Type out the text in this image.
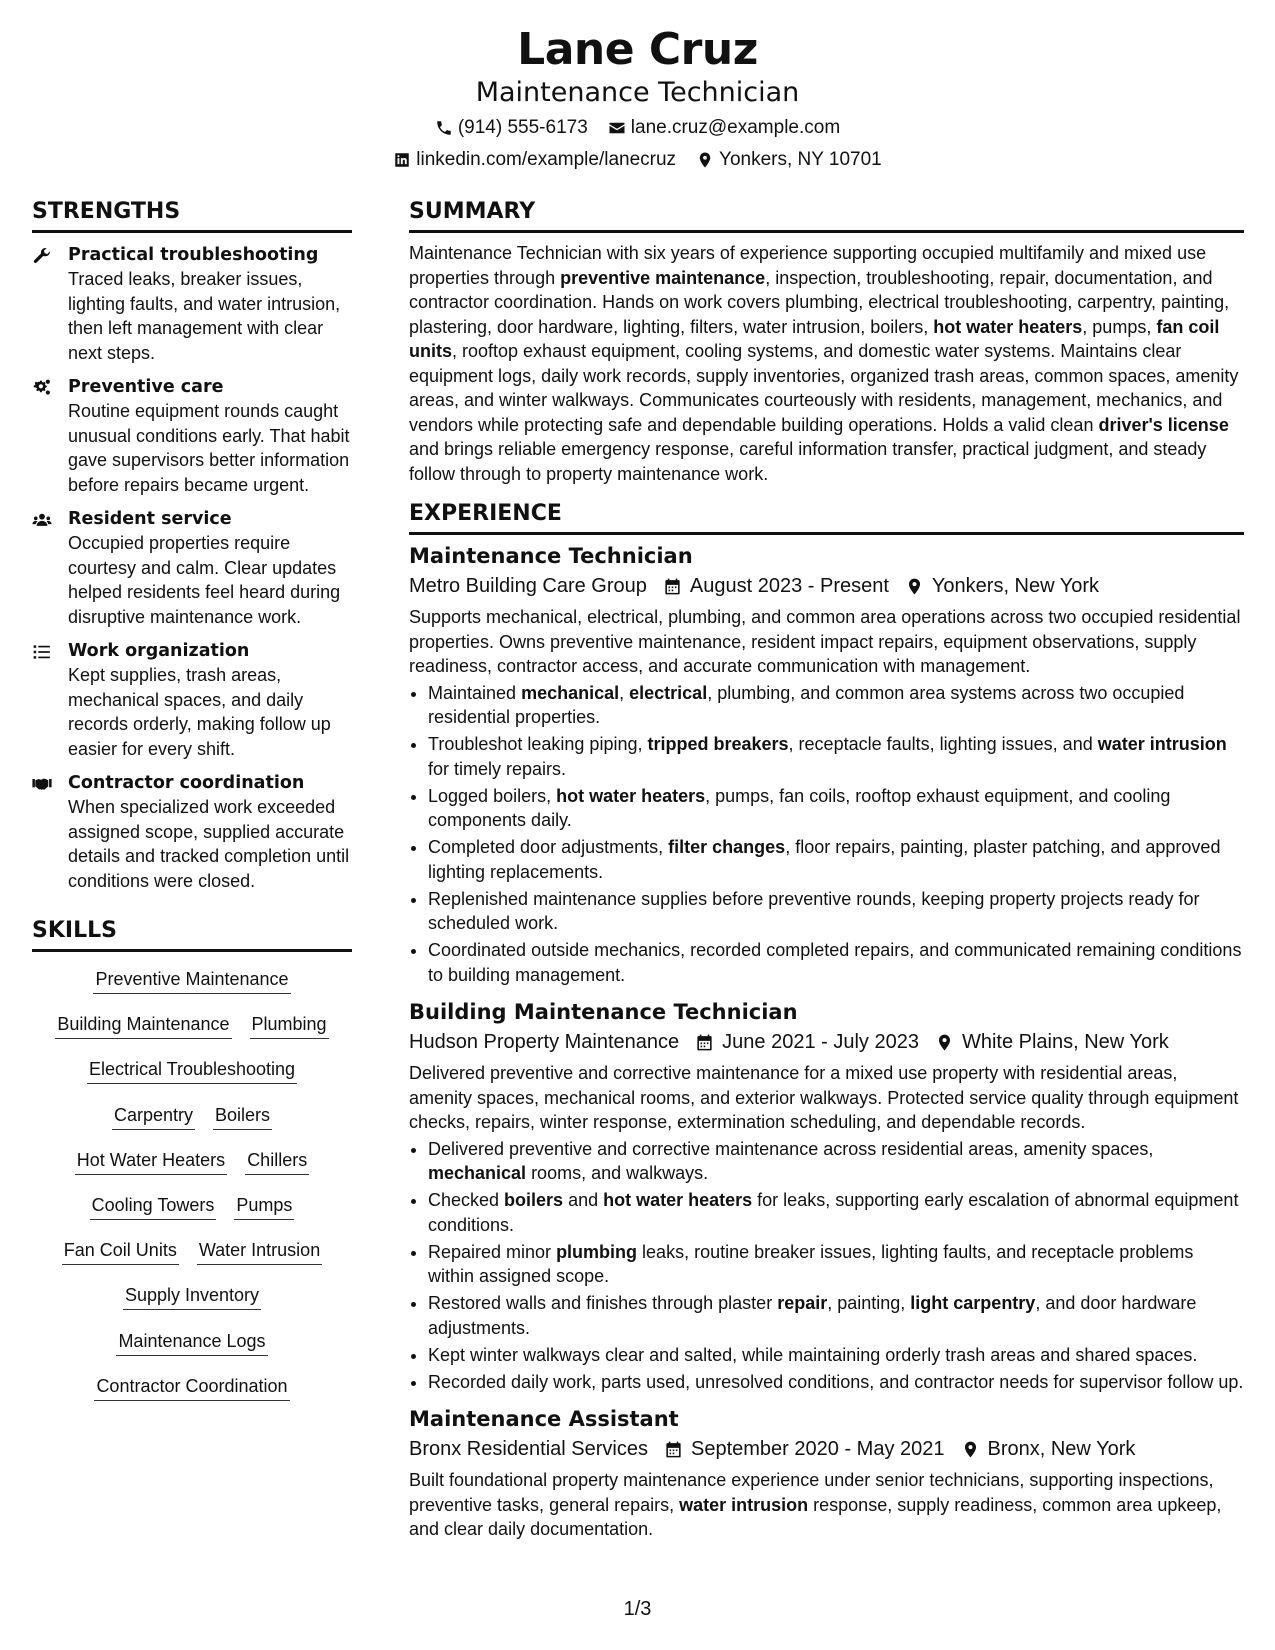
Lane Cruz
Maintenance Technician
(914) 555-6173 lane.cruz@example.com
linkedin.com/example/lanecruz Yonkers, NY 10701
STRENGTHS
Practical troubleshooting
Traced leaks, breaker issues, lighting faults, and water intrusion, then left management with clear next steps.
Preventive care
Routine equipment rounds caught unusual conditions early. That habit gave supervisors better information before repairs became urgent.
Resident service
Occupied properties require courtesy and calm. Clear updates helped residents feel heard during disruptive maintenance work.
Work organization
Kept supplies, trash areas, mechanical spaces, and daily records orderly, making follow up easier for every shift.
Contractor coordination
When specialized work exceeded assigned scope, supplied accurate details and tracked completion until conditions were closed.
SKILLS
Preventive Maintenance
Building Maintenance Plumbing
Electrical Troubleshooting
Carpentry Boilers
Hot Water Heaters Chillers
Cooling Towers Pumps
Fan Coil Units Water Intrusion
Supply Inventory
Maintenance Logs
Contractor Coordination
SUMMARY
Maintenance Technician with six years of experience supporting occupied multifamily and mixed use properties through preventive maintenance, inspection, troubleshooting, repair, documentation, and contractor coordination. Hands on work covers plumbing, electrical troubleshooting, carpentry, painting, plastering, door hardware, lighting, filters, water intrusion, boilers, hot water heaters, pumps, fan coil units, rooftop exhaust equipment, cooling systems, and domestic water systems. Maintains clear equipment logs, daily work records, supply inventories, organized trash areas, common spaces, amenity areas, and winter walkways. Communicates courteously with residents, management, mechanics, and vendors while protecting safe and dependable building operations. Holds a valid clean driver's license and brings reliable emergency response, careful information transfer, practical judgment, and steady follow through to property maintenance work.
EXPERIENCE
Maintenance Technician
Metro Building Care Group August 2023 - Present Yonkers, New York
Supports mechanical, electrical, plumbing, and common area operations across two occupied residential properties. Owns preventive maintenance, resident impact repairs, equipment observations, supply readiness, contractor access, and accurate communication with management.
• Maintained mechanical, electrical, plumbing, and common area systems across two occupied residential properties.
• Troubleshot leaking piping, tripped breakers, receptacle faults, lighting issues, and water intrusion for timely repairs.
• Logged boilers, hot water heaters, pumps, fan coils, rooftop exhaust equipment, and cooling components daily.
• Completed door adjustments, filter changes, floor repairs, painting, plaster patching, and approved lighting replacements.
• Replenished maintenance supplies before preventive rounds, keeping property projects ready for scheduled work.
• Coordinated outside mechanics, recorded completed repairs, and communicated remaining conditions to building management.
Building Maintenance Technician
Hudson Property Maintenance June 2021 - July 2023 White Plains, New York
Delivered preventive and corrective maintenance for a mixed use property with residential areas, amenity spaces, mechanical rooms, and exterior walkways. Protected service quality through equipment checks, repairs, winter response, extermination scheduling, and dependable records.
• Delivered preventive and corrective maintenance across residential areas, amenity spaces, mechanical rooms, and walkways.
• Checked boilers and hot water heaters for leaks, supporting early escalation of abnormal equipment conditions.
• Repaired minor plumbing leaks, routine breaker issues, lighting faults, and receptacle problems within assigned scope.
• Restored walls and finishes through plaster repair, painting, light carpentry, and door hardware adjustments.
• Kept winter walkways clear and salted, while maintaining orderly trash areas and shared spaces.
• Recorded daily work, parts used, unresolved conditions, and contractor needs for supervisor follow up.
Maintenance Assistant
Bronx Residential Services September 2020 - May 2021 Bronx, New York
Built foundational property maintenance experience under senior technicians, supporting inspections, preventive tasks, general repairs, water intrusion response, supply readiness, common area upkeep, and clear daily documentation.
1/3
